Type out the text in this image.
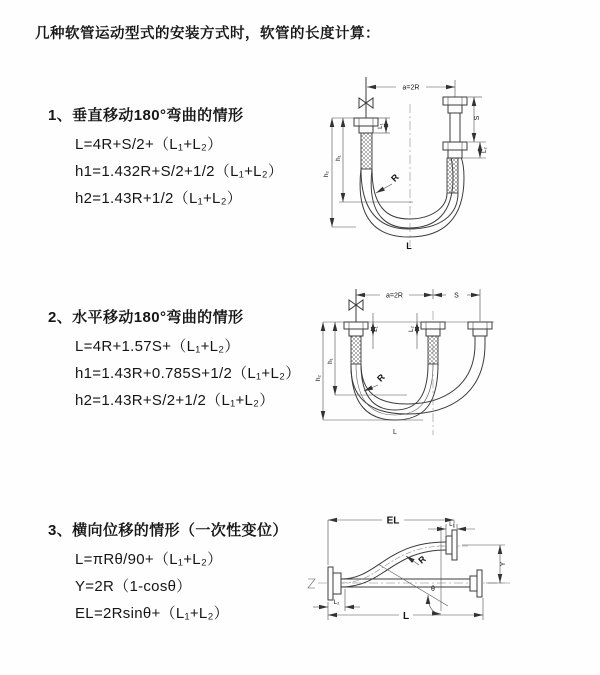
几种软管运动型式的安装方式时，软管的长度计算：
1、垂直移动180°弯曲的情形
L=4R+S/2+（L₁+L₂）
h1=1.432R+S/2+1/2（L₁+L₂）
h2=1.43R+1/2（L₁+L₂）
2、水平移动180°弯曲的情形
L=4R+1.57S+（L₁+L₂）
h1=1.43R+0.785S+1/2（L₁+L₂）
h2=1.43R+S/2+1/2（L₁+L₂）
3、横向位移的情形（一次性变位）
L=πRθ/90+（L₁+L₂）
Y=2R（1-cosθ）
EL=2Rsinθ+（L₁+L₂）
a=2R
S
L₂
L₁
h₁
h₂	R
L
a=2R	S
L₁	L₂
h₁
h₂	R
L
θ
R
EL	L₁
Y
L
L₂
